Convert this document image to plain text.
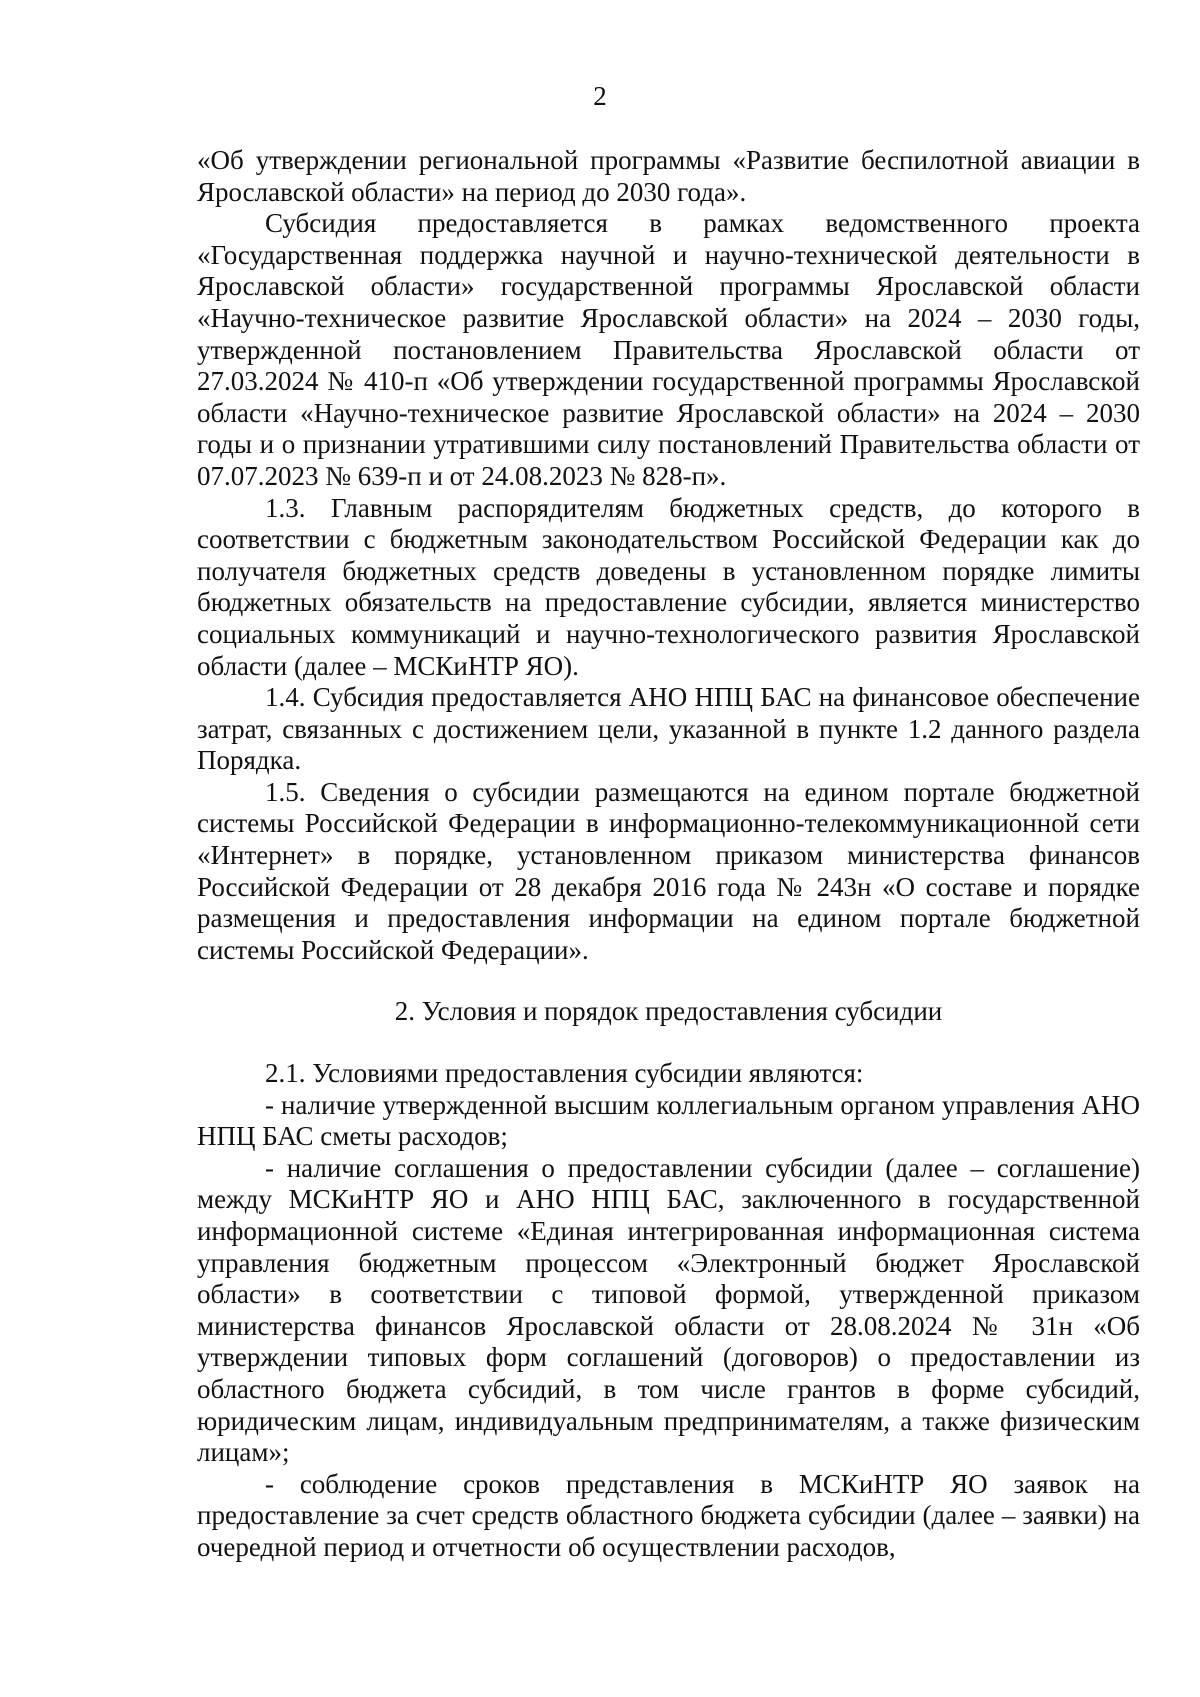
2

«Об утверждении региональной программы «Развитие беспилотной авиации в Ярославской области» на период до 2030 года».

Субсидия предоставляется в рамках ведомственного проекта «Государственная поддержка научной и научно-технической деятельности в Ярославской области» государственной программы Ярославской области «Научно-техническое развитие Ярославской области» на 2024 – 2030 годы, утвержденной постановлением Правительства Ярославской области от 27.03.2024 № 410-п «Об утверждении государственной программы Ярославской области «Научно-техническое развитие Ярославской области» на 2024 – 2030 годы и о признании утратившими силу постановлений Правительства области от 07.07.2023 № 639-п и от 24.08.2023 № 828-п».

1.3. Главным распорядителям бюджетных средств, до которого в соответствии с бюджетным законодательством Российской Федерации как до получателя бюджетных средств доведены в установленном порядке лимиты бюджетных обязательств на предоставление субсидии, является министерство социальных коммуникаций и научно-технологического развития Ярославской области (далее – МСКиНТР ЯО).

1.4. Субсидия предоставляется АНО НПЦ БАС на финансовое обеспечение затрат, связанных с достижением цели, указанной в пункте 1.2 данного раздела Порядка.

1.5. Сведения о субсидии размещаются на едином портале бюджетной системы Российской Федерации в информационно-телекоммуникационной сети «Интернет» в порядке, установленном приказом министерства финансов Российской Федерации от 28 декабря 2016 года № 243н «О составе и порядке размещения и предоставления информации на едином портале бюджетной системы Российской Федерации».

2. Условия и порядок предоставления субсидии

2.1. Условиями предоставления субсидии являются:

- наличие утвержденной высшим коллегиальным органом управления АНО НПЦ БАС сметы расходов;

- наличие соглашения о предоставлении субсидии (далее – соглашение) между МСКиНТР ЯО и АНО НПЦ БАС, заключенного в государственной информационной системе «Единая интегрированная информационная система управления бюджетным процессом «Электронный бюджет Ярославской области» в соответствии с типовой формой, утвержденной приказом министерства финансов Ярославской области от 28.08.2024 № 31н «Об утверждении типовых форм соглашений (договоров) о предоставлении из областного бюджета субсидий, в том числе грантов в форме субсидий, юридическим лицам, индивидуальным предпринимателям, а также физическим лицам»;

- соблюдение сроков представления в МСКиНТР ЯО заявок на предоставление за счет средств областного бюджета субсидии (далее – заявки) на очередной период и отчетности об осуществлении расходов,
